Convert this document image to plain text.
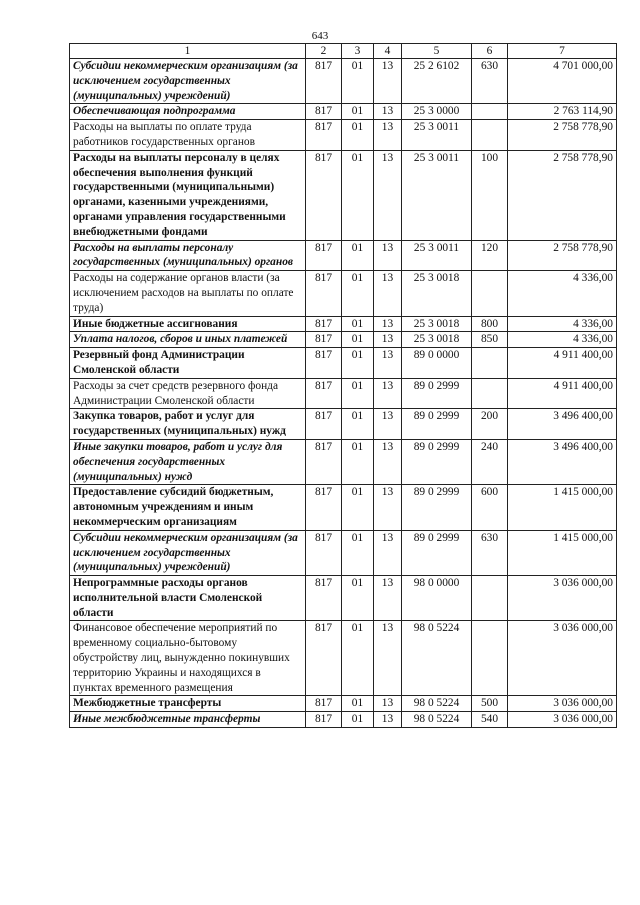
643
1	2	3	4	5	6	7
Субсидии некоммерческим организациям (за исключением государственных (муниципальных) учреждений)	817	01	13	25 2 6102	630	4 701 000,00
Обеспечивающая подпрограмма	817	01	13	25 3 0000		2 763 114,90
Расходы на выплаты по оплате труда работников государственных органов	817	01	13	25 3 0011		2 758 778,90
Расходы на выплаты персоналу в целях обеспечения выполнения функций государственными (муниципальными) органами, казенными учреждениями, органами управления государственными внебюджетными фондами	817	01	13	25 3 0011	100	2 758 778,90
Расходы на выплаты персоналу государственных (муниципальных) органов	817	01	13	25 3 0011	120	2 758 778,90
Расходы на содержание органов власти (за исключением расходов на выплаты по оплате труда)	817	01	13	25 3 0018		4 336,00
Иные бюджетные ассигнования	817	01	13	25 3 0018	800	4 336,00
Уплата налогов, сборов и иных платежей	817	01	13	25 3 0018	850	4 336,00
Резервный фонд Администрации Смоленской области	817	01	13	89 0 0000		4 911 400,00
Расходы за счет средств резервного фонда Администрации Смоленской области	817	01	13	89 0 2999		4 911 400,00
Закупка товаров, работ и услуг для государственных (муниципальных) нужд	817	01	13	89 0 2999	200	3 496 400,00
Иные закупки товаров, работ и услуг для обеспечения государственных (муниципальных) нужд	817	01	13	89 0 2999	240	3 496 400,00
Предоставление субсидий бюджетным, автономным учреждениям и иным некоммерческим организациям	817	01	13	89 0 2999	600	1 415 000,00
Субсидии некоммерческим организациям (за исключением государственных (муниципальных) учреждений)	817	01	13	89 0 2999	630	1 415 000,00
Непрограммные расходы органов исполнительной власти Смоленской области	817	01	13	98 0 0000		3 036 000,00
Финансовое обеспечение мероприятий по временному социально-бытовому обустройству лиц, вынужденно покинувших территорию Украины и находящихся в пунктах временного размещения	817	01	13	98 0 5224		3 036 000,00
Межбюджетные трансферты	817	01	13	98 0 5224	500	3 036 000,00
Иные межбюджетные трансферты	817	01	13	98 0 5224	540	3 036 000,00
